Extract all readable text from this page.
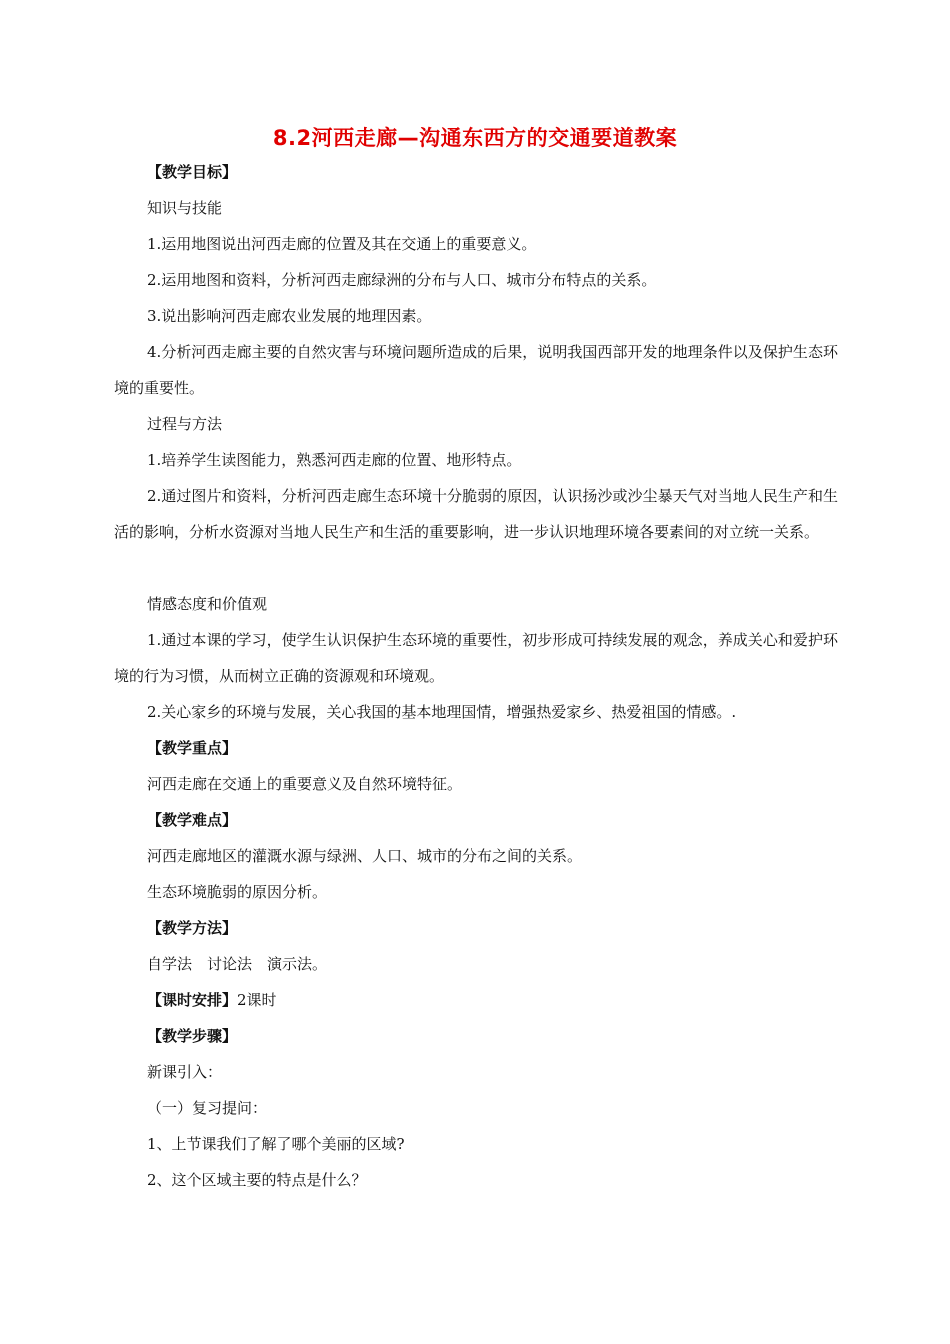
8.2河西走廊—沟通东西方的交通要道教案
【教学目标】
知识与技能
1.运用地图说出河西走廊的位置及其在交通上的重要意义。
2.运用地图和资料，分析河西走廊绿洲的分布与人口、城市分布特点的关系。
3.说出影响河西走廊农业发展的地理因素。
4.分析河西走廊主要的自然灾害与环境问题所造成的后果，说明我国西部开发的地理条件以及保护生态环境的重要性。
过程与方法
1.培养学生读图能力，熟悉河西走廊的位置、地形特点。
2.通过图片和资料，分析河西走廊生态环境十分脆弱的原因，认识扬沙或沙尘暴天气对当地人民生产和生活的影响，分析水资源对当地人民生产和生活的重要影响，进一步认识地理环境各要素间的对立统一关系。
情感态度和价值观
1.通过本课的学习，使学生认识保护生态环境的重要性，初步形成可持续发展的观念，养成关心和爱护环境的行为习惯，从而树立正确的资源观和环境观。
2.关心家乡的环境与发展，关心我国的基本地理国情，增强热爱家乡、热爱祖国的情感。.
【教学重点】
河西走廊在交通上的重要意义及自然环境特征。
【教学难点】
河西走廊地区的灌溉水源与绿洲、人口、城市的分布之间的关系。
生态环境脆弱的原因分析。
【教学方法】
自学法　讨论法　演示法。
【课时安排】2课时
【教学步骤】
新课引入：
（一）复习提问：
1、上节课我们了解了哪个美丽的区域?
2、这个区域主要的特点是什么？
